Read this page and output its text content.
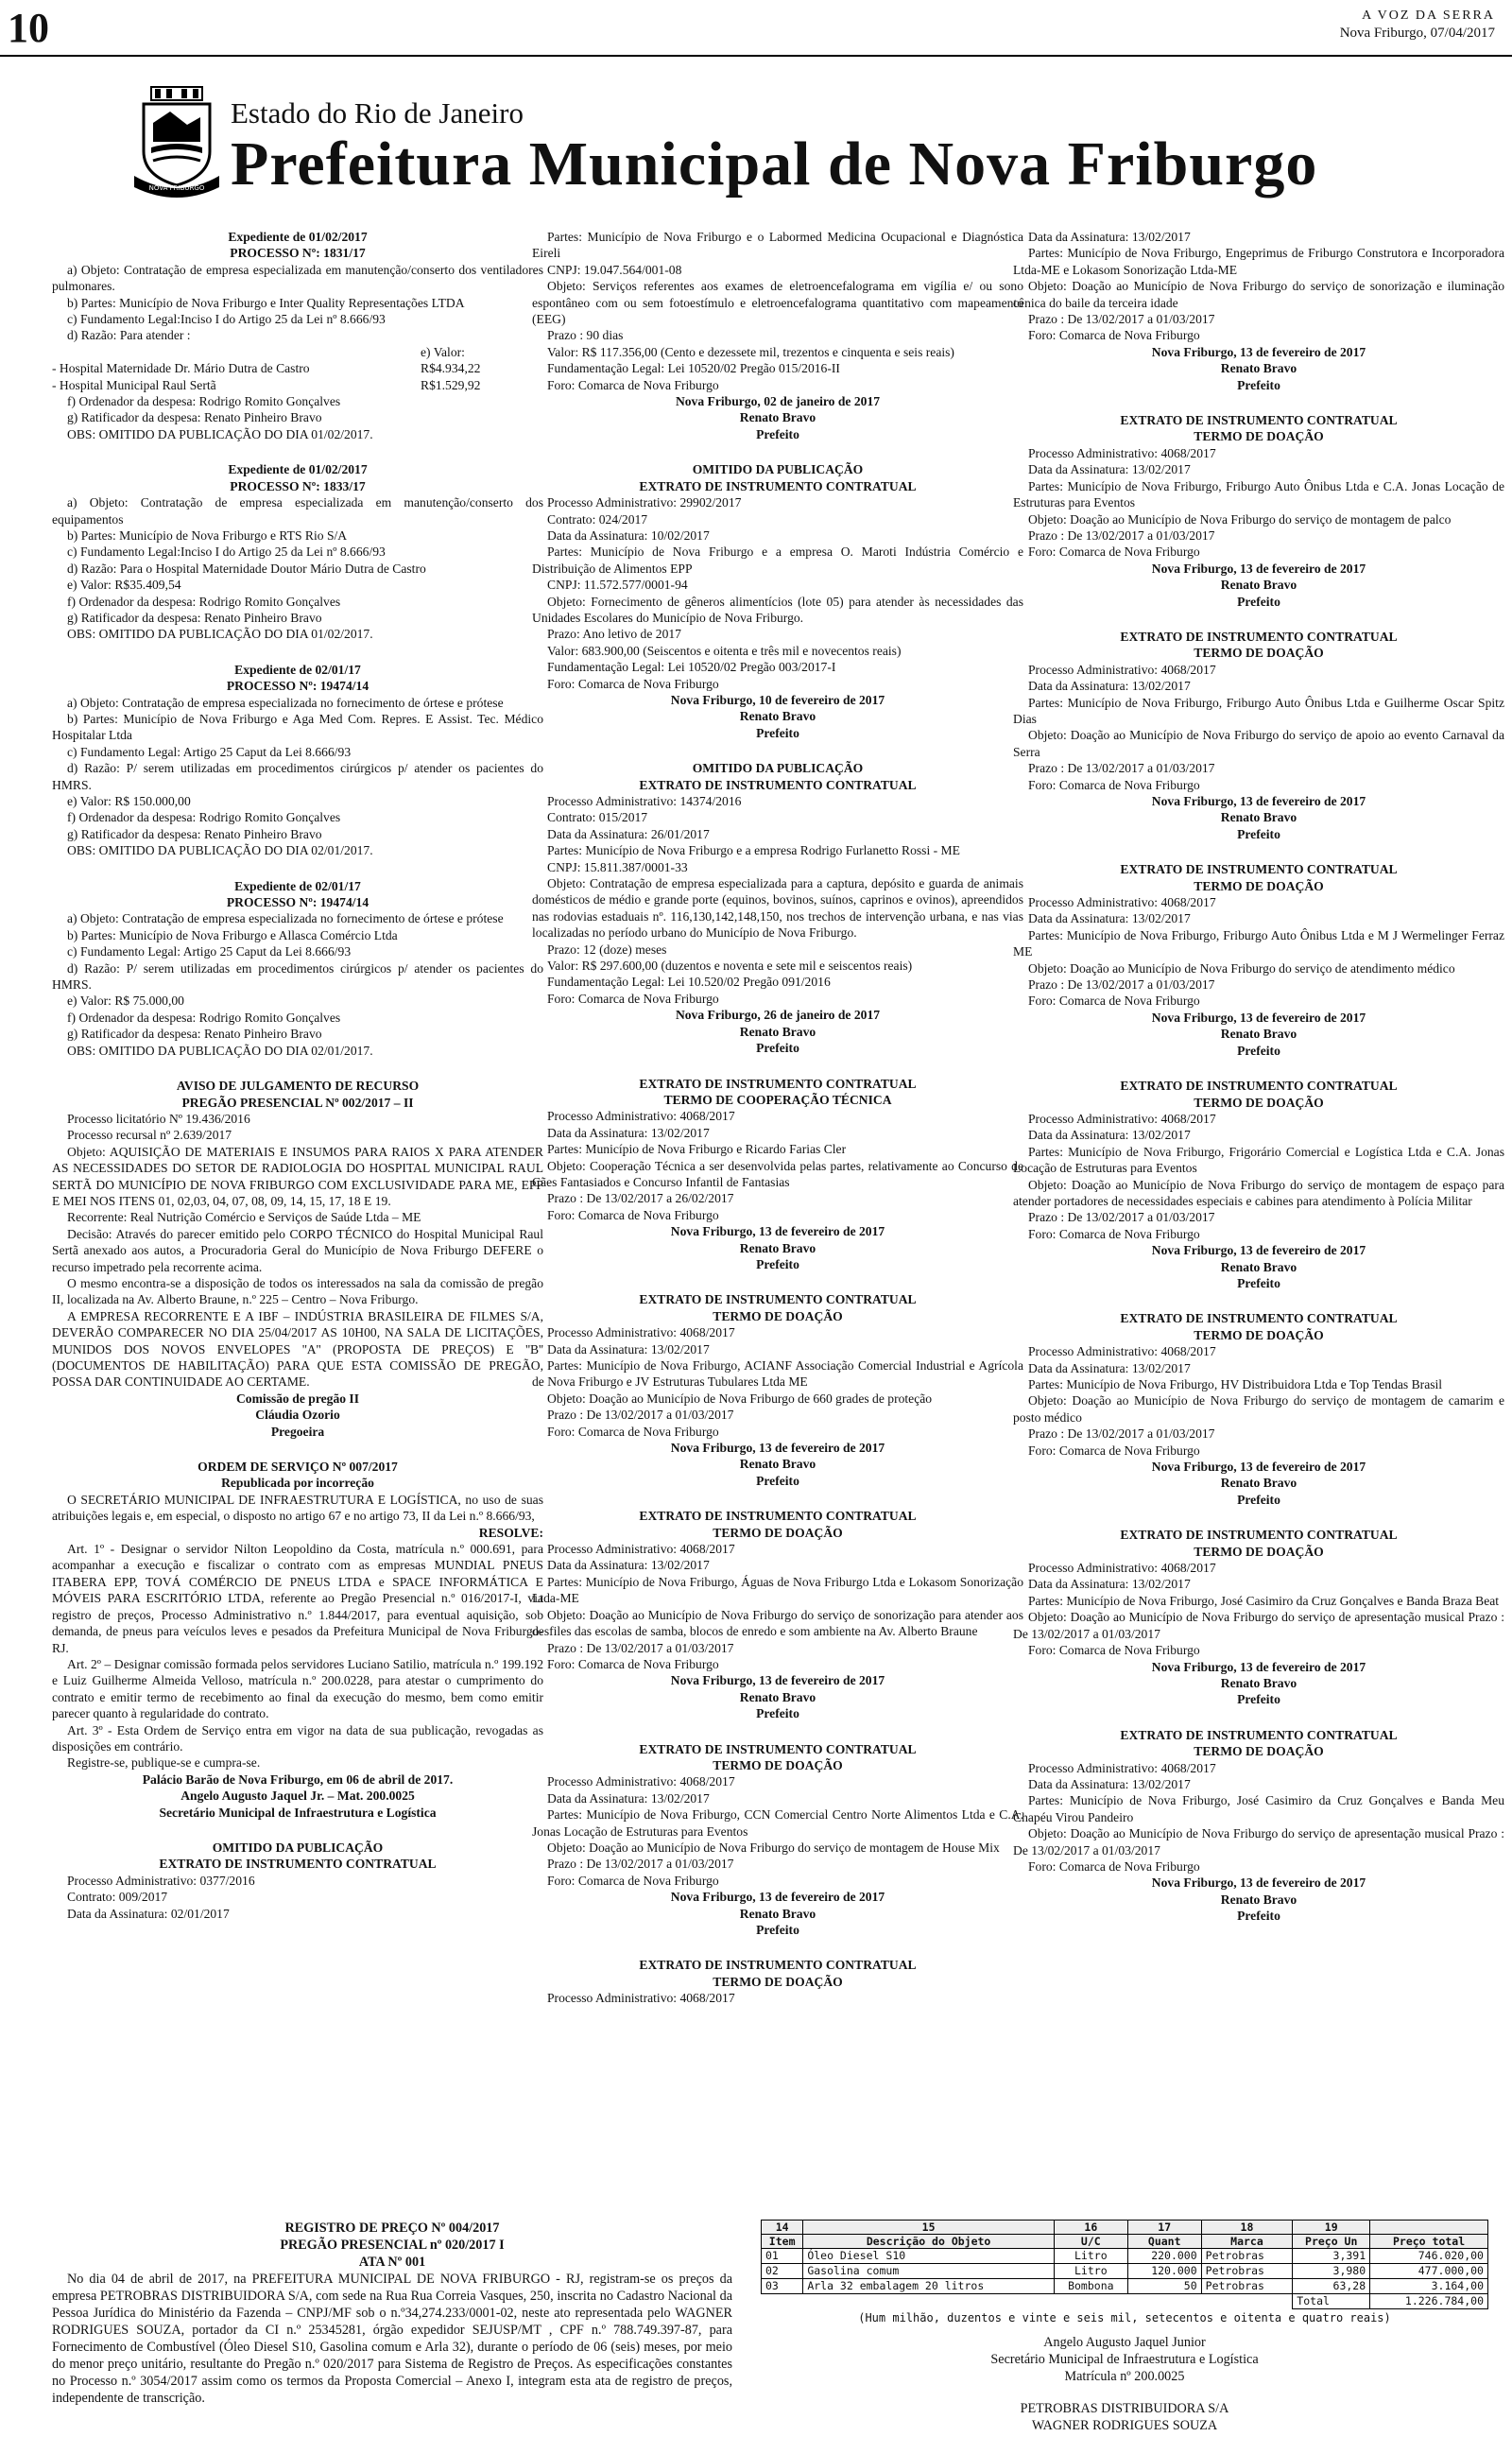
10	A VOZ DA SERRA
Nova Friburgo, 07/04/2017
NOVA FRIBURGO
Estado do Rio de Janeiro
Prefeitura Municipal de Nova Friburgo

Expediente de 01/02/2017

PROCESSO Nº: 1831/17

a) Objeto: Contratação de empresa especializada em manutenção/conserto dos ventiladores pulmonares.

b) Partes: Município de Nova Friburgo e Inter Quality Representações LTDA

c) Fundamento Legal:Inciso I do Artigo 25 da Lei nº 8.666/93

d) Razão: Para atender :

e) Valor:
- Hospital Maternidade Dr. Mário Dutra de Castro	R$4.934,22
- Hospital Municipal Raul Sertã	R$1.529,92

f) Ordenador da despesa: Rodrigo Romito Gonçalves

g) Ratificador da despesa: Renato Pinheiro Bravo

OBS: OMITIDO DA PUBLICAÇÃO DO DIA 01/02/2017.

Expediente de 01/02/2017

PROCESSO Nº: 1833/17

a) Objeto: Contratação de empresa especializada em manutenção/conserto dos equipamentos

b) Partes: Município de Nova Friburgo e RTS Rio S/A

c) Fundamento Legal:Inciso I do Artigo 25 da Lei nº 8.666/93

d) Razão: Para o Hospital Maternidade Doutor Mário Dutra de Castro

e) Valor: R$35.409,54

f) Ordenador da despesa: Rodrigo Romito Gonçalves

g) Ratificador da despesa: Renato Pinheiro Bravo

OBS: OMITIDO DA PUBLICAÇÃO DO DIA 01/02/2017.

Expediente de 02/01/17

PROCESSO Nº: 19474/14

a) Objeto: Contratação de empresa especializada no fornecimento de órtese e prótese

b) Partes: Município de Nova Friburgo e Aga Med Com. Repres. E Assist. Tec. Médico Hospitalar Ltda

c) Fundamento Legal: Artigo 25 Caput da Lei 8.666/93

d) Razão: P/ serem utilizadas em procedimentos cirúrgicos p/ atender os pacientes do HMRS.

e) Valor: R$ 150.000,00

f) Ordenador da despesa: Rodrigo Romito Gonçalves

g) Ratificador da despesa: Renato Pinheiro Bravo

OBS: OMITIDO DA PUBLICAÇÃO DO DIA 02/01/2017.

Expediente de 02/01/17

PROCESSO Nº: 19474/14

a) Objeto: Contratação de empresa especializada no fornecimento de órtese e prótese

b) Partes: Município de Nova Friburgo e Allasca Comércio Ltda

c) Fundamento Legal: Artigo 25 Caput da Lei 8.666/93

d) Razão: P/ serem utilizadas em procedimentos cirúrgicos p/ atender os pacientes do HMRS.

e) Valor: R$ 75.000,00

f) Ordenador da despesa: Rodrigo Romito Gonçalves

g) Ratificador da despesa: Renato Pinheiro Bravo

OBS: OMITIDO DA PUBLICAÇÃO DO DIA 02/01/2017.

AVISO DE JULGAMENTO DE RECURSO

PREGÃO PRESENCIAL Nº 002/2017 – II

Processo licitatório Nº 19.436/2016

Processo recursal nº 2.639/2017

Objeto: AQUISIÇÃO DE MATERIAIS E INSUMOS PARA RAIOS X PARA ATENDER AS NECESSIDADES DO SETOR DE RADIOLOGIA DO HOSPITAL MUNICIPAL RAUL SERTÃ DO MUNICÍPIO DE NOVA FRIBURGO COM EXCLUSIVIDADE PARA ME, EPP E MEI NOS ITENS 01, 02,03, 04, 07, 08, 09, 14, 15, 17, 18 E 19.

Recorrente: Real Nutrição Comércio e Serviços de Saúde Ltda – ME

Decisão: Através do parecer emitido pelo CORPO TÉCNICO do Hospital Municipal Raul Sertã anexado aos autos, a Procuradoria Geral do Município de Nova Friburgo DEFERE o recurso impetrado pela recorrente acima.

O mesmo encontra-se a disposição de todos os interessados na sala da comissão de pregão II, localizada na Av. Alberto Braune, n.º 225 – Centro – Nova Friburgo.

A EMPRESA RECORRENTE E A IBF – INDÚSTRIA BRASILEIRA DE FILMES S/A, DEVERÃO COMPARECER NO DIA 25/04/2017 AS 10H00, NA SALA DE LICITAÇÕES, MUNIDOS DOS NOVOS ENVELOPES ''A'' (PROPOSTA DE PREÇOS) E ''B'' (DOCUMENTOS DE HABILITAÇÃO) PARA QUE ESTA COMISSÃO DE PREGÃO, POSSA DAR CONTINUIDADE AO CERTAME.

Comissão de pregão II

Cláudia Ozorio

Pregoeira

ORDEM DE SERVIÇO Nº 007/2017

Republicada por incorreção

O SECRETÁRIO MUNICIPAL DE INFRAESTRUTURA E LOGÍSTICA, no uso de suas atribuições legais e, em especial, o disposto no artigo 67 e no artigo 73, II da Lei n.º 8.666/93,

RESOLVE:

Art. 1º - Designar o servidor Nilton Leopoldino da Costa, matrícula n.º 000.691, para acompanhar a execução e fiscalizar o contrato com as empresas MUNDIAL PNEUS ITABERA EPP, TOVÁ COMÉRCIO DE PNEUS LTDA e SPACE INFORMÁTICA E MÓVEIS PARA ESCRITÓRIO LTDA, referente ao Pregão Presencial n.º 016/2017-I, via registro de preços, Processo Administrativo n.º 1.844/2017, para eventual aquisição, sob demanda, de pneus para veículos leves e pesados da Prefeitura Municipal de Nova Friburgo-RJ.

Art. 2º – Designar comissão formada pelos servidores Luciano Satilio, matrícula n.º 199.192 e Luiz Guilherme Almeida Velloso, matrícula n.º 200.0228, para atestar o cumprimento do contrato e emitir termo de recebimento ao final da execução do mesmo, bem como emitir parecer quanto à regularidade do contrato.

Art. 3º - Esta Ordem de Serviço entra em vigor na data de sua publicação, revogadas as disposições em contrário.

Registre-se, publique-se e cumpra-se.

Palácio Barão de Nova Friburgo, em 06 de abril de 2017.

Angelo Augusto Jaquel Jr. – Mat. 200.0025

Secretário Municipal de Infraestrutura e Logística

OMITIDO DA PUBLICAÇÃO

EXTRATO DE INSTRUMENTO CONTRATUAL

Processo Administrativo: 0377/2016

Contrato: 009/2017

Data da Assinatura: 02/01/2017

Partes: Município de Nova Friburgo e o Labormed Medicina Ocupacional e Diagnóstica Eireli

CNPJ: 19.047.564/001-08

Objeto: Serviços referentes aos exames de eletroencefalograma em vigília e/ ou sono espontâneo com ou sem fotoestímulo e eletroencefalograma quantitativo com mapeamento (EEG)

Prazo : 90 dias

Valor: R$ 117.356,00 (Cento e dezessete mil, trezentos e cinquenta e seis reais)

Fundamentação Legal: Lei 10520/02 Pregão 015/2016-II

Foro: Comarca de Nova Friburgo

Nova Friburgo, 02 de janeiro de 2017

Renato Bravo

Prefeito

OMITIDO DA PUBLICAÇÃO

EXTRATO DE INSTRUMENTO CONTRATUAL

Processo Administrativo: 29902/2017

Contrato: 024/2017

Data da Assinatura: 10/02/2017

Partes: Município de Nova Friburgo e a empresa O. Maroti Indústria Comércio e Distribuição de Alimentos EPP

CNPJ: 11.572.577/0001-94

Objeto: Fornecimento de gêneros alimentícios (lote 05) para atender às necessidades das Unidades Escolares do Município de Nova Friburgo.

Prazo: Ano letivo de 2017

Valor: 683.900,00 (Seiscentos e oitenta e três mil e novecentos reais)

Fundamentação Legal: Lei 10520/02 Pregão 003/2017-I

Foro: Comarca de Nova Friburgo

Nova Friburgo, 10 de fevereiro de 2017

Renato Bravo

Prefeito

OMITIDO DA PUBLICAÇÃO

EXTRATO DE INSTRUMENTO CONTRATUAL

Processo Administrativo: 14374/2016

Contrato: 015/2017

Data da Assinatura: 26/01/2017

Partes: Município de Nova Friburgo e a empresa Rodrigo Furlanetto Rossi - ME

CNPJ: 15.811.387/0001-33

Objeto: Contratação de empresa especializada para a captura, depósito e guarda de animais domésticos de médio e grande porte (equinos, bovinos, suínos, caprinos e ovinos), apreendidos nas rodovias estaduais nº. 116,130,142,148,150, nos trechos de intervenção urbana, e nas vias localizadas no período urbano do Município de Nova Friburgo.

Prazo: 12 (doze) meses

Valor: R$ 297.600,00 (duzentos e noventa e sete mil e seiscentos reais)

Fundamentação Legal: Lei 10.520/02 Pregão 091/2016

Foro: Comarca de Nova Friburgo

Nova Friburgo, 26 de janeiro de 2017

Renato Bravo

Prefeito

EXTRATO DE INSTRUMENTO CONTRATUAL

TERMO DE COOPERAÇÃO TÉCNICA

Processo Administrativo: 4068/2017

Data da Assinatura: 13/02/2017

Partes: Município de Nova Friburgo e Ricardo Farias Cler

Objeto: Cooperação Técnica a ser desenvolvida pelas partes, relativamente ao Concurso de Cães Fantasiados e Concurso Infantil de Fantasias

Prazo : De 13/02/2017 a 26/02/2017

Foro: Comarca de Nova Friburgo

Nova Friburgo, 13 de fevereiro de 2017

Renato Bravo

Prefeito

EXTRATO DE INSTRUMENTO CONTRATUAL

TERMO DE DOAÇÃO

Processo Administrativo: 4068/2017

Data da Assinatura: 13/02/2017

Partes: Município de Nova Friburgo, ACIANF Associação Comercial Industrial e Agrícola de Nova Friburgo e JV Estruturas Tubulares Ltda ME

Objeto: Doação ao Município de Nova Friburgo de 660 grades de proteção

Prazo : De 13/02/2017 a 01/03/2017

Foro: Comarca de Nova Friburgo

Nova Friburgo, 13 de fevereiro de 2017

Renato Bravo

Prefeito

EXTRATO DE INSTRUMENTO CONTRATUAL

TERMO DE DOAÇÃO

Processo Administrativo: 4068/2017

Data da Assinatura: 13/02/2017

Partes: Município de Nova Friburgo, Águas de Nova Friburgo Ltda e Lokasom Sonorização Ltda-ME

Objeto: Doação ao Município de Nova Friburgo do serviço de sonorização para atender aos desfiles das escolas de samba, blocos de enredo e som ambiente na Av. Alberto Braune

Prazo : De 13/02/2017 a 01/03/2017

Foro: Comarca de Nova Friburgo

Nova Friburgo, 13 de fevereiro de 2017

Renato Bravo

Prefeito

EXTRATO DE INSTRUMENTO CONTRATUAL

TERMO DE DOAÇÃO

Processo Administrativo: 4068/2017

Data da Assinatura: 13/02/2017

Partes: Município de Nova Friburgo, CCN Comercial Centro Norte Alimentos Ltda e C.A. Jonas Locação de Estruturas para Eventos

Objeto: Doação ao Município de Nova Friburgo do serviço de montagem de House Mix

Prazo : De 13/02/2017 a 01/03/2017

Foro: Comarca de Nova Friburgo

Nova Friburgo, 13 de fevereiro de 2017

Renato Bravo

Prefeito

EXTRATO DE INSTRUMENTO CONTRATUAL

TERMO DE DOAÇÃO

Processo Administrativo: 4068/2017

Data da Assinatura: 13/02/2017

Partes: Município de Nova Friburgo, Engeprimus de Friburgo Construtora e Incorporadora Ltda-ME e Lokasom Sonorização Ltda-ME

Objeto: Doação ao Município de Nova Friburgo do serviço de sonorização e iluminação cênica do baile da terceira idade

Prazo : De 13/02/2017 a 01/03/2017

Foro: Comarca de Nova Friburgo

Nova Friburgo, 13 de fevereiro de 2017

Renato Bravo

Prefeito

EXTRATO DE INSTRUMENTO CONTRATUAL

TERMO DE DOAÇÃO

Processo Administrativo: 4068/2017

Data da Assinatura: 13/02/2017

Partes: Município de Nova Friburgo, Friburgo Auto Ônibus Ltda e C.A. Jonas Locação de Estruturas para Eventos

Objeto: Doação ao Município de Nova Friburgo do serviço de montagem de palco

Prazo : De 13/02/2017 a 01/03/2017

Foro: Comarca de Nova Friburgo

Nova Friburgo, 13 de fevereiro de 2017

Renato Bravo

Prefeito

EXTRATO DE INSTRUMENTO CONTRATUAL

TERMO DE DOAÇÃO

Processo Administrativo: 4068/2017

Data da Assinatura: 13/02/2017

Partes: Município de Nova Friburgo, Friburgo Auto Ônibus Ltda e Guilherme Oscar Spitz Dias

Objeto: Doação ao Município de Nova Friburgo do serviço de apoio ao evento Carnaval da Serra

Prazo : De 13/02/2017 a 01/03/2017

Foro: Comarca de Nova Friburgo

Nova Friburgo, 13 de fevereiro de 2017

Renato Bravo

Prefeito

EXTRATO DE INSTRUMENTO CONTRATUAL

TERMO DE DOAÇÃO

Processo Administrativo: 4068/2017

Data da Assinatura: 13/02/2017

Partes: Município de Nova Friburgo, Friburgo Auto Ônibus Ltda e M J Wermelinger Ferraz ME

Objeto: Doação ao Município de Nova Friburgo do serviço de atendimento médico

Prazo : De 13/02/2017 a 01/03/2017

Foro: Comarca de Nova Friburgo

Nova Friburgo, 13 de fevereiro de 2017

Renato Bravo

Prefeito

EXTRATO DE INSTRUMENTO CONTRATUAL

TERMO DE DOAÇÃO

Processo Administrativo: 4068/2017

Data da Assinatura: 13/02/2017

Partes: Município de Nova Friburgo, Frigorário Comercial e Logística Ltda e C.A. Jonas Locação de Estruturas para Eventos

Objeto: Doação ao Município de Nova Friburgo do serviço de montagem de espaço para atender portadores de necessidades especiais e cabines para atendimento à Polícia Militar

Prazo : De 13/02/2017 a 01/03/2017

Foro: Comarca de Nova Friburgo

Nova Friburgo, 13 de fevereiro de 2017

Renato Bravo

Prefeito

EXTRATO DE INSTRUMENTO CONTRATUAL

TERMO DE DOAÇÃO

Processo Administrativo: 4068/2017

Data da Assinatura: 13/02/2017

Partes: Município de Nova Friburgo, HV Distribuidora Ltda e Top Tendas Brasil

Objeto: Doação ao Município de Nova Friburgo do serviço de montagem de camarim e posto médico

Prazo : De 13/02/2017 a 01/03/2017

Foro: Comarca de Nova Friburgo

Nova Friburgo, 13 de fevereiro de 2017

Renato Bravo

Prefeito

EXTRATO DE INSTRUMENTO CONTRATUAL

TERMO DE DOAÇÃO

Processo Administrativo: 4068/2017

Data da Assinatura: 13/02/2017

Partes: Município de Nova Friburgo, José Casimiro da Cruz Gonçalves e Banda Braza Beat

Objeto: Doação ao Município de Nova Friburgo do serviço de apresentação musical Prazo : De 13/02/2017 a 01/03/2017

Foro: Comarca de Nova Friburgo

Nova Friburgo, 13 de fevereiro de 2017

Renato Bravo

Prefeito

EXTRATO DE INSTRUMENTO CONTRATUAL

TERMO DE DOAÇÃO

Processo Administrativo: 4068/2017

Data da Assinatura: 13/02/2017

Partes: Município de Nova Friburgo, José Casimiro da Cruz Gonçalves e Banda Meu Chapéu Virou Pandeiro

Objeto: Doação ao Município de Nova Friburgo do serviço de apresentação musical Prazo : De 13/02/2017 a 01/03/2017

Foro: Comarca de Nova Friburgo

Nova Friburgo, 13 de fevereiro de 2017

Renato Bravo

Prefeito

REGISTRO DE PREÇO Nº 004/2017

PREGÃO PRESENCIAL nº 020/2017 I

ATA Nº 001

No dia 04 de abril de 2017, na PREFEITURA MUNICIPAL DE NOVA FRIBURGO - RJ, registram-se os preços da empresa PETROBRAS DISTRIBUIDORA S/A, com sede na Rua Rua Correia Vasques, 250, inscrita no Cadastro Nacional da Pessoa Jurídica do Ministério da Fazenda – CNPJ/MF sob o n.º34,274.233/0001-02, neste ato representada pelo WAGNER RODRIGUES SOUZA, portador da CI n.º 25345281, órgão expedidor SEJUSP/MT , CPF n.º 788.749.397-87, para Fornecimento de Combustível (Óleo Diesel S10, Gasolina comum e Arla 32), durante o período de 06 (seis) meses, por meio do menor preço unitário, resultante do Pregão n.º 020/2017 para Sistema de Registro de Preços. As especificações constantes no Processo n.º 3054/2017 assim como os termos da Proposta Comercial – Anexo I, integram esta ata de registro de preços, independente de transcrição.

14	15	16	17	18	19	
Item	Descrição do Objeto	U/C	Quant	Marca	Preço Un	Preço total
01	Óleo Diesel S10	Litro	220.000	Petrobras	3,391	746.020,00
02	Gasolina comum	Litro	120.000	Petrobras	3,980	477.000,00
03	Arla 32 embalagem 20 litros	Bombona	50	Petrobras	63,28	3.164,00
					Total	1.226.784,00
(Hum milhão, duzentos e vinte e seis mil, setecentos e oitenta e quatro reais)
Angelo Augusto Jaquel Junior
Secretário Municipal de Infraestrutura e Logística
Matrícula nº 200.0025
PETROBRAS DISTRIBUIDORA S/A
WAGNER RODRIGUES SOUZA
